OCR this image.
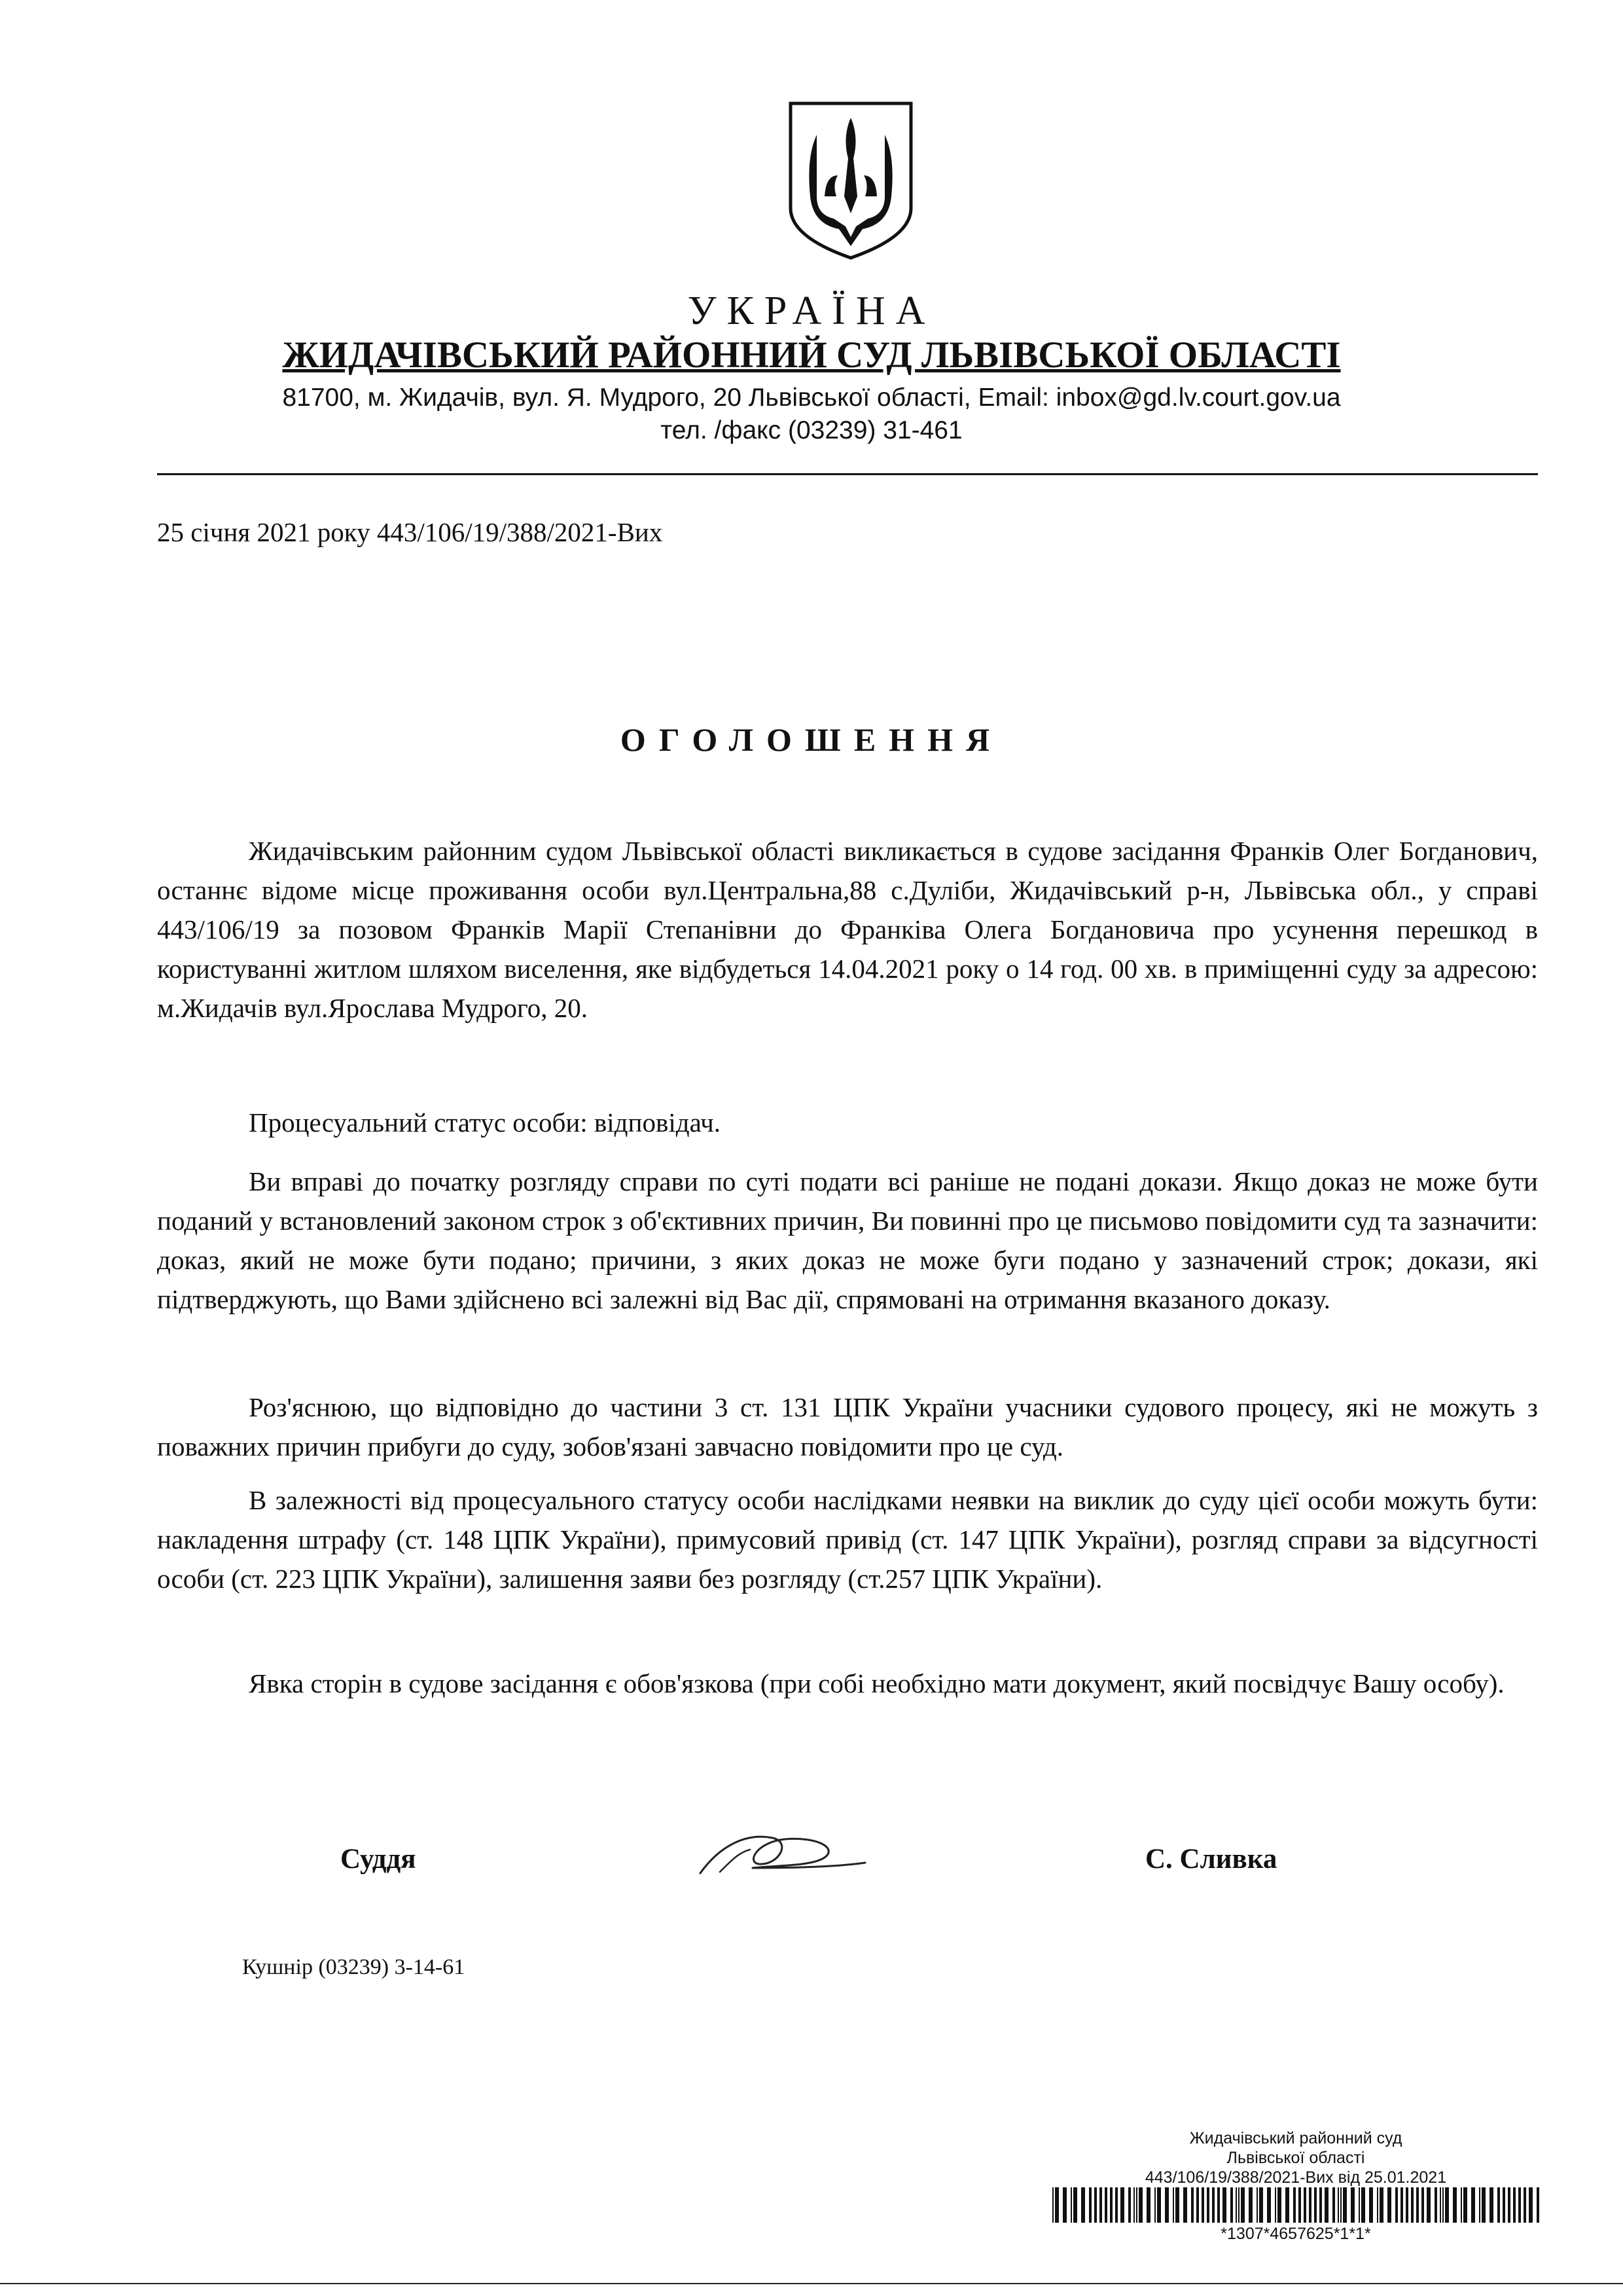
УКРАЇНА
ЖИДАЧІВСЬКИЙ РАЙОННИЙ СУД ЛЬВІВСЬКОЇ ОБЛАСТІ
81700, м. Жидачів, вул. Я. Мудрого, 20 Львівської області, Email: inbox@gd.lv.court.gov.ua
тел. /факс (03239) 31-461
25 січня 2021 року 443/106/19/388/2021-Вих
ОГОЛОШЕННЯ

Жидачівським районним судом Львівської області викликається в судове засідання Франків Олег Богданович, останнє відоме місце проживання особи вул.Центральна,88 с.Дуліби, Жидачівський р-н, Львівська обл., у справі 443/106/19 за позовом Франків Марії Степанівни до Франківа Олега Богдановича про усунення перешкод в користуванні житлом шляхом виселення, яке відбудеться 14.04.2021 року о 14 год. 00 хв. в приміщенні суду за адресою: м.Жидачів вул.Ярослава Мудрого, 20.

Процесуальний статус особи: відповідач.

Ви вправі до початку розгляду справи по суті подати всі раніше не подані докази. Якщо доказ не може бути поданий у встановлений законом строк з об'єктивних причин, Ви повинні про це письмово повідомити суд та зазначити: доказ, який не може бути подано; причини, з яких доказ не може буги подано у зазначений строк; докази, які підтверджують, що Вами здійснено всі залежні від Вас дії, спрямовані на отримання вказаного доказу.

Роз'яснюю, що відповідно до частини 3 ст. 131 ЦПК України учасники судового процесу, які не можуть з поважних причин прибуги до суду, зобов'язані завчасно повідомити про це суд.

В залежності від процесуального статусу особи наслідками неявки на виклик до суду цієї особи можуть бути: накладення штрафу (ст. 148 ЦПК України), примусовий привід (ст. 147 ЦПК України), розгляд справи за відсугності особи (ст. 223 ЦПК України), залишення заяви без розгляду (ст.257 ЦПК України).

Явка сторін в судове засідання є обов'язкова (при собі необхідно мати документ, який посвідчує Вашу особу).

Суддя	С. Сливка
Кушнір (03239) 3-14-61
Жидачівський районний суд
Львівської області
443/106/19/388/2021-Вих від 25.01.2021
*1307*4657625*1*1*
